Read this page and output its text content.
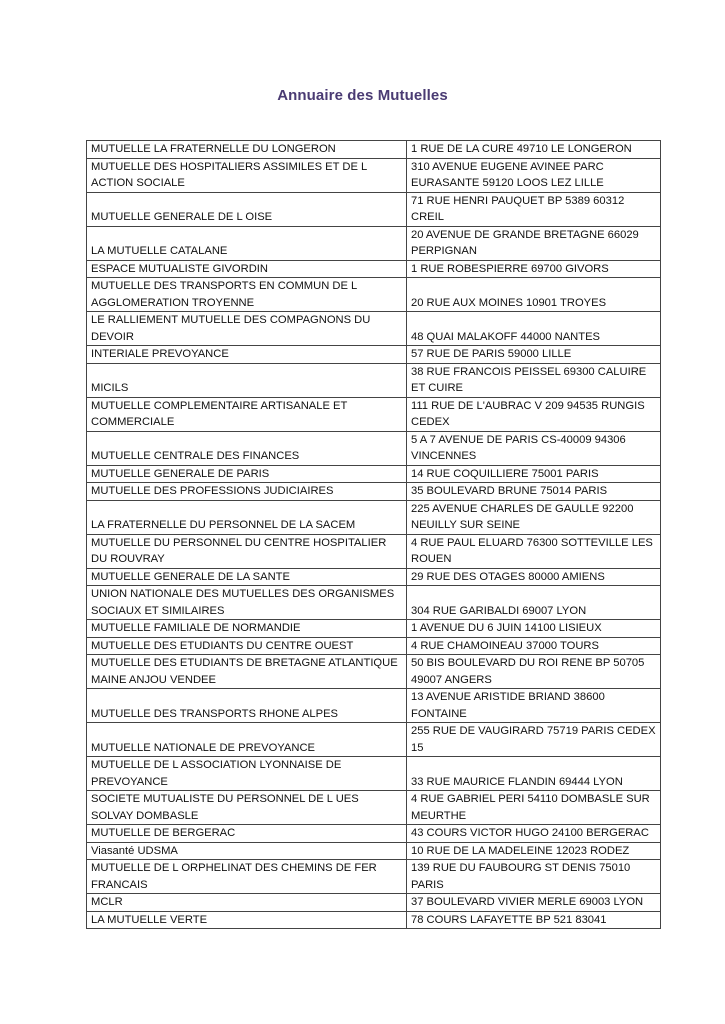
Annuaire des Mutuelles
MUTUELLE LA FRATERNELLE DU LONGERON	1 RUE DE LA CURE 49710 LE LONGERON
MUTUELLE DES HOSPITALIERS ASSIMILES ET DE L ACTION SOCIALE	310 AVENUE EUGENE AVINEE PARC EURASANTE 59120 LOOS LEZ LILLE
MUTUELLE GENERALE DE L OISE	71 RUE HENRI PAUQUET BP 5389 60312 CREIL
LA MUTUELLE CATALANE	20 AVENUE DE GRANDE BRETAGNE 66029 PERPIGNAN
ESPACE MUTUALISTE GIVORDIN	1 RUE ROBESPIERRE 69700 GIVORS
MUTUELLE DES TRANSPORTS EN COMMUN DE L AGGLOMERATION TROYENNE	20 RUE AUX MOINES 10901 TROYES
LE RALLIEMENT MUTUELLE DES COMPAGNONS DU DEVOIR	48 QUAI MALAKOFF 44000 NANTES
INTERIALE PREVOYANCE	57 RUE DE PARIS 59000 LILLE
MICILS	38 RUE FRANCOIS PEISSEL 69300 CALUIRE ET CUIRE
MUTUELLE COMPLEMENTAIRE ARTISANALE ET COMMERCIALE	111 RUE DE L'AUBRAC V 209 94535 RUNGIS CEDEX
MUTUELLE CENTRALE DES FINANCES	5 A 7 AVENUE DE PARIS CS-40009 94306 VINCENNES
MUTUELLE GENERALE DE PARIS	14 RUE COQUILLIERE 75001 PARIS
MUTUELLE DES PROFESSIONS JUDICIAIRES	35 BOULEVARD BRUNE 75014 PARIS
LA FRATERNELLE DU PERSONNEL DE LA SACEM	225 AVENUE CHARLES DE GAULLE 92200 NEUILLY SUR SEINE
MUTUELLE DU PERSONNEL DU CENTRE HOSPITALIER DU ROUVRAY	4 RUE PAUL ELUARD 76300 SOTTEVILLE LES ROUEN
MUTUELLE GENERALE DE LA SANTE	29 RUE DES OTAGES 80000 AMIENS
UNION NATIONALE DES MUTUELLES DES ORGANISMES SOCIAUX ET SIMILAIRES	304 RUE GARIBALDI 69007 LYON
MUTUELLE FAMILIALE DE NORMANDIE	1 AVENUE DU 6 JUIN 14100 LISIEUX
MUTUELLE DES ETUDIANTS DU CENTRE OUEST	4 RUE CHAMOINEAU 37000 TOURS
MUTUELLE DES ETUDIANTS DE BRETAGNE ATLANTIQUE MAINE ANJOU VENDEE	50 BIS BOULEVARD DU ROI RENE BP 50705 49007 ANGERS
MUTUELLE DES TRANSPORTS RHONE ALPES	13 AVENUE ARISTIDE BRIAND 38600 FONTAINE
MUTUELLE NATIONALE DE PREVOYANCE	255 RUE DE VAUGIRARD 75719 PARIS CEDEX 15
MUTUELLE DE L ASSOCIATION LYONNAISE DE PREVOYANCE	33 RUE MAURICE FLANDIN 69444 LYON
SOCIETE MUTUALISTE DU PERSONNEL DE L UES SOLVAY DOMBASLE	4 RUE GABRIEL PERI 54110 DOMBASLE SUR MEURTHE
MUTUELLE DE BERGERAC	43 COURS VICTOR HUGO 24100 BERGERAC
Viasanté UDSMA	10 RUE DE LA MADELEINE 12023 RODEZ
MUTUELLE DE L ORPHELINAT DES CHEMINS DE FER FRANCAIS	139 RUE DU FAUBOURG ST DENIS 75010 PARIS
MCLR	37 BOULEVARD VIVIER MERLE 69003 LYON
LA MUTUELLE VERTE	78 COURS LAFAYETTE BP 521 83041
